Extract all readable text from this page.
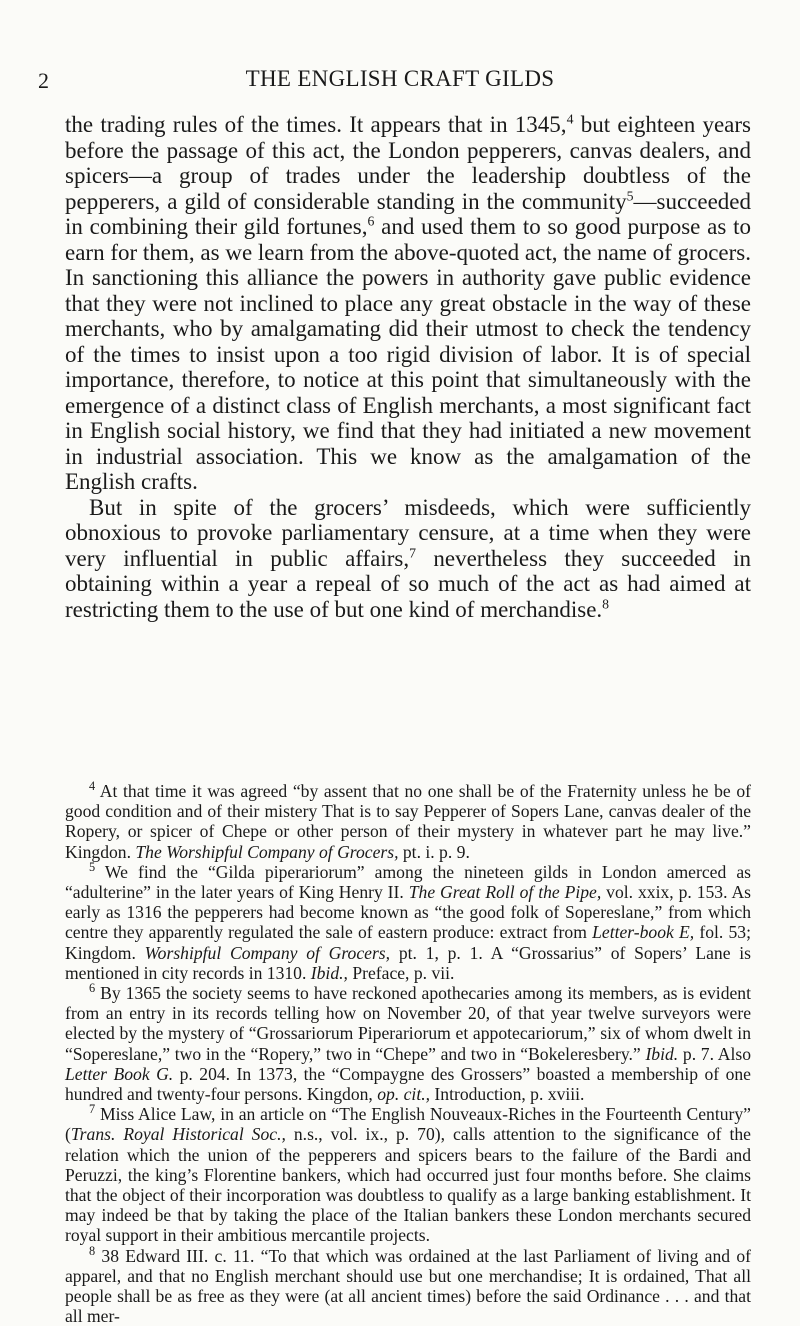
2	THE ENGLISH CRAFT GILDS

the trading rules of the times. It appears that in 1345,$^4$ but eighteen years before the passage of this act, the London pepperers, canvas dealers, and spicers—a group of trades under the leadership doubtless of the pepperers, a gild of considerable standing in the community$^5$—succeeded in combining their gild fortunes,$^6$ and used them to so good purpose as to earn for them, as we learn from the above-quoted act, the name of grocers. In sanctioning this alliance the powers in authority gave public evidence that they were not inclined to place any great obstacle in the way of these merchants, who by amalgamating did their utmost to check the tendency of the times to insist upon a too rigid division of labor. It is of special importance, therefore, to notice at this point that simultaneously with the emergence of a distinct class of English merchants, a most significant fact in English social history, we find that they had initiated a new movement in industrial association. This we know as the amalgamation of the English crafts.

But in spite of the grocers’ misdeeds, which were sufficiently obnoxious to provoke parliamentary censure, at a time when they were very influential in public affairs,$^7$ nevertheless they succeeded in obtaining within a year a repeal of so much of the act as had aimed at restricting them to the use of but one kind of merchandise.$^8$

$^4$ At that time it was agreed “by assent that no one shall be of the Fraternity unless he be of good condition and of their mistery That is to say Pepperer of Sopers Lane, canvas dealer of the Ropery, or spicer of Chepe or other person of their mystery in whatever part he may live.” Kingdon. The Worshipful Company of Grocers, pt. i. p. 9.

$^5$ We find the “Gilda piperariorum” among the nineteen gilds in London amerced as “adulterine” in the later years of King Henry II. The Great Roll of the Pipe, vol. xxix, p. 153. As early as 1316 the pepperers had become known as “the good folk of Sopereslane,” from which centre they apparently regulated the sale of eastern produce: extract from Letter-book E, fol. 53; Kingdom. Worshipful Company of Grocers, pt. 1, p. 1. A “Grossarius” of Sopers’ Lane is mentioned in city records in 1310. Ibid., Preface, p. vii.

$^6$ By 1365 the society seems to have reckoned apothecaries among its members, as is evident from an entry in its records telling how on November 20, of that year twelve surveyors were elected by the mystery of “Grossariorum Piperariorum et appotecariorum,” six of whom dwelt in “Sopereslane,” two in the “Ropery,” two in “Chepe” and two in “Bokeleresbery.” Ibid. p. 7. Also Letter Book G. p. 204. In 1373, the “Compaygne des Grossers” boasted a membership of one hundred and twenty-four persons. Kingdon, op. cit., Introduction, p. xviii.

$^7$ Miss Alice Law, in an article on “The English Nouveaux-Riches in the Fourteenth Century” (Trans. Royal Historical Soc., n.s., vol. ix., p. 70), calls attention to the significance of the relation which the union of the pepperers and spicers bears to the failure of the Bardi and Peruzzi, the king’s Florentine bankers, which had occurred just four months before. She claims that the object of their incorporation was doubtless to qualify as a large banking establishment. It may indeed be that by taking the place of the Italian bankers these London merchants secured royal support in their ambitious mercantile projects.

$^8$ 38 Edward III. c. 11. “To that which was ordained at the last Parliament of living and of apparel, and that no English merchant should use but one merchandise; It is ordained, That all people shall be as free as they were (at all ancient times) before the said Ordinance . . . and that all mer-
